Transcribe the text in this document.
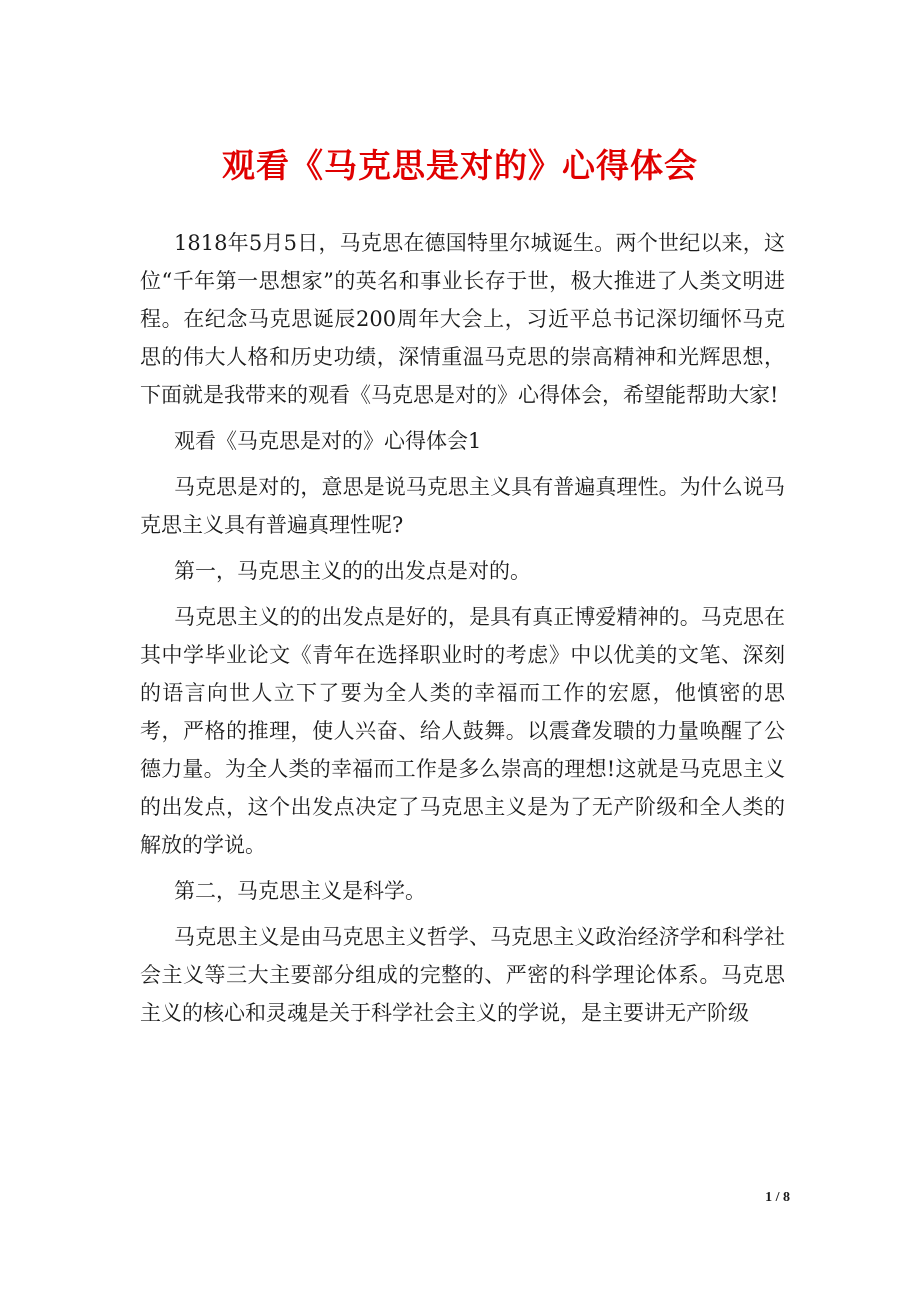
观看《马克思是对的》心得体会

1818年5月5日，马克思在德国特里尔城诞生。两个世纪以来，这位“千年第一思想家”的英名和事业长存于世，极大推进了人类文明进程。在纪念马克思诞辰200周年大会上，习近平总书记深切缅怀马克思的伟大人格和历史功绩，深情重温马克思的崇高精神和光辉思想，下面就是我带来的观看《马克思是对的》心得体会，希望能帮助大家!

观看《马克思是对的》心得体会1

马克思是对的，意思是说马克思主义具有普遍真理性。为什么说马克思主义具有普遍真理性呢?

第一，马克思主义的的出发点是对的。

马克思主义的的出发点是好的，是具有真正博爱精神的。马克思在其中学毕业论文《青年在选择职业时的考虑》中以优美的文笔、深刻的语言向世人立下了要为全人类的幸福而工作的宏愿，他慎密的思考，严格的推理，使人兴奋、给人鼓舞。以震聋发聩的力量唤醒了公德力量。为全人类的幸福而工作是多么崇高的理想!这就是马克思主义的出发点，这个出发点决定了马克思主义是为了无产阶级和全人类的解放的学说。

第二，马克思主义是科学。

马克思主义是由马克思主义哲学、马克思主义政治经济学和科学社会主义等三大主要部分组成的完整的、严密的科学理论体系。马克思主义的核心和灵魂是关于科学社会主义的学说，是主要讲无产阶级

1 / 8
